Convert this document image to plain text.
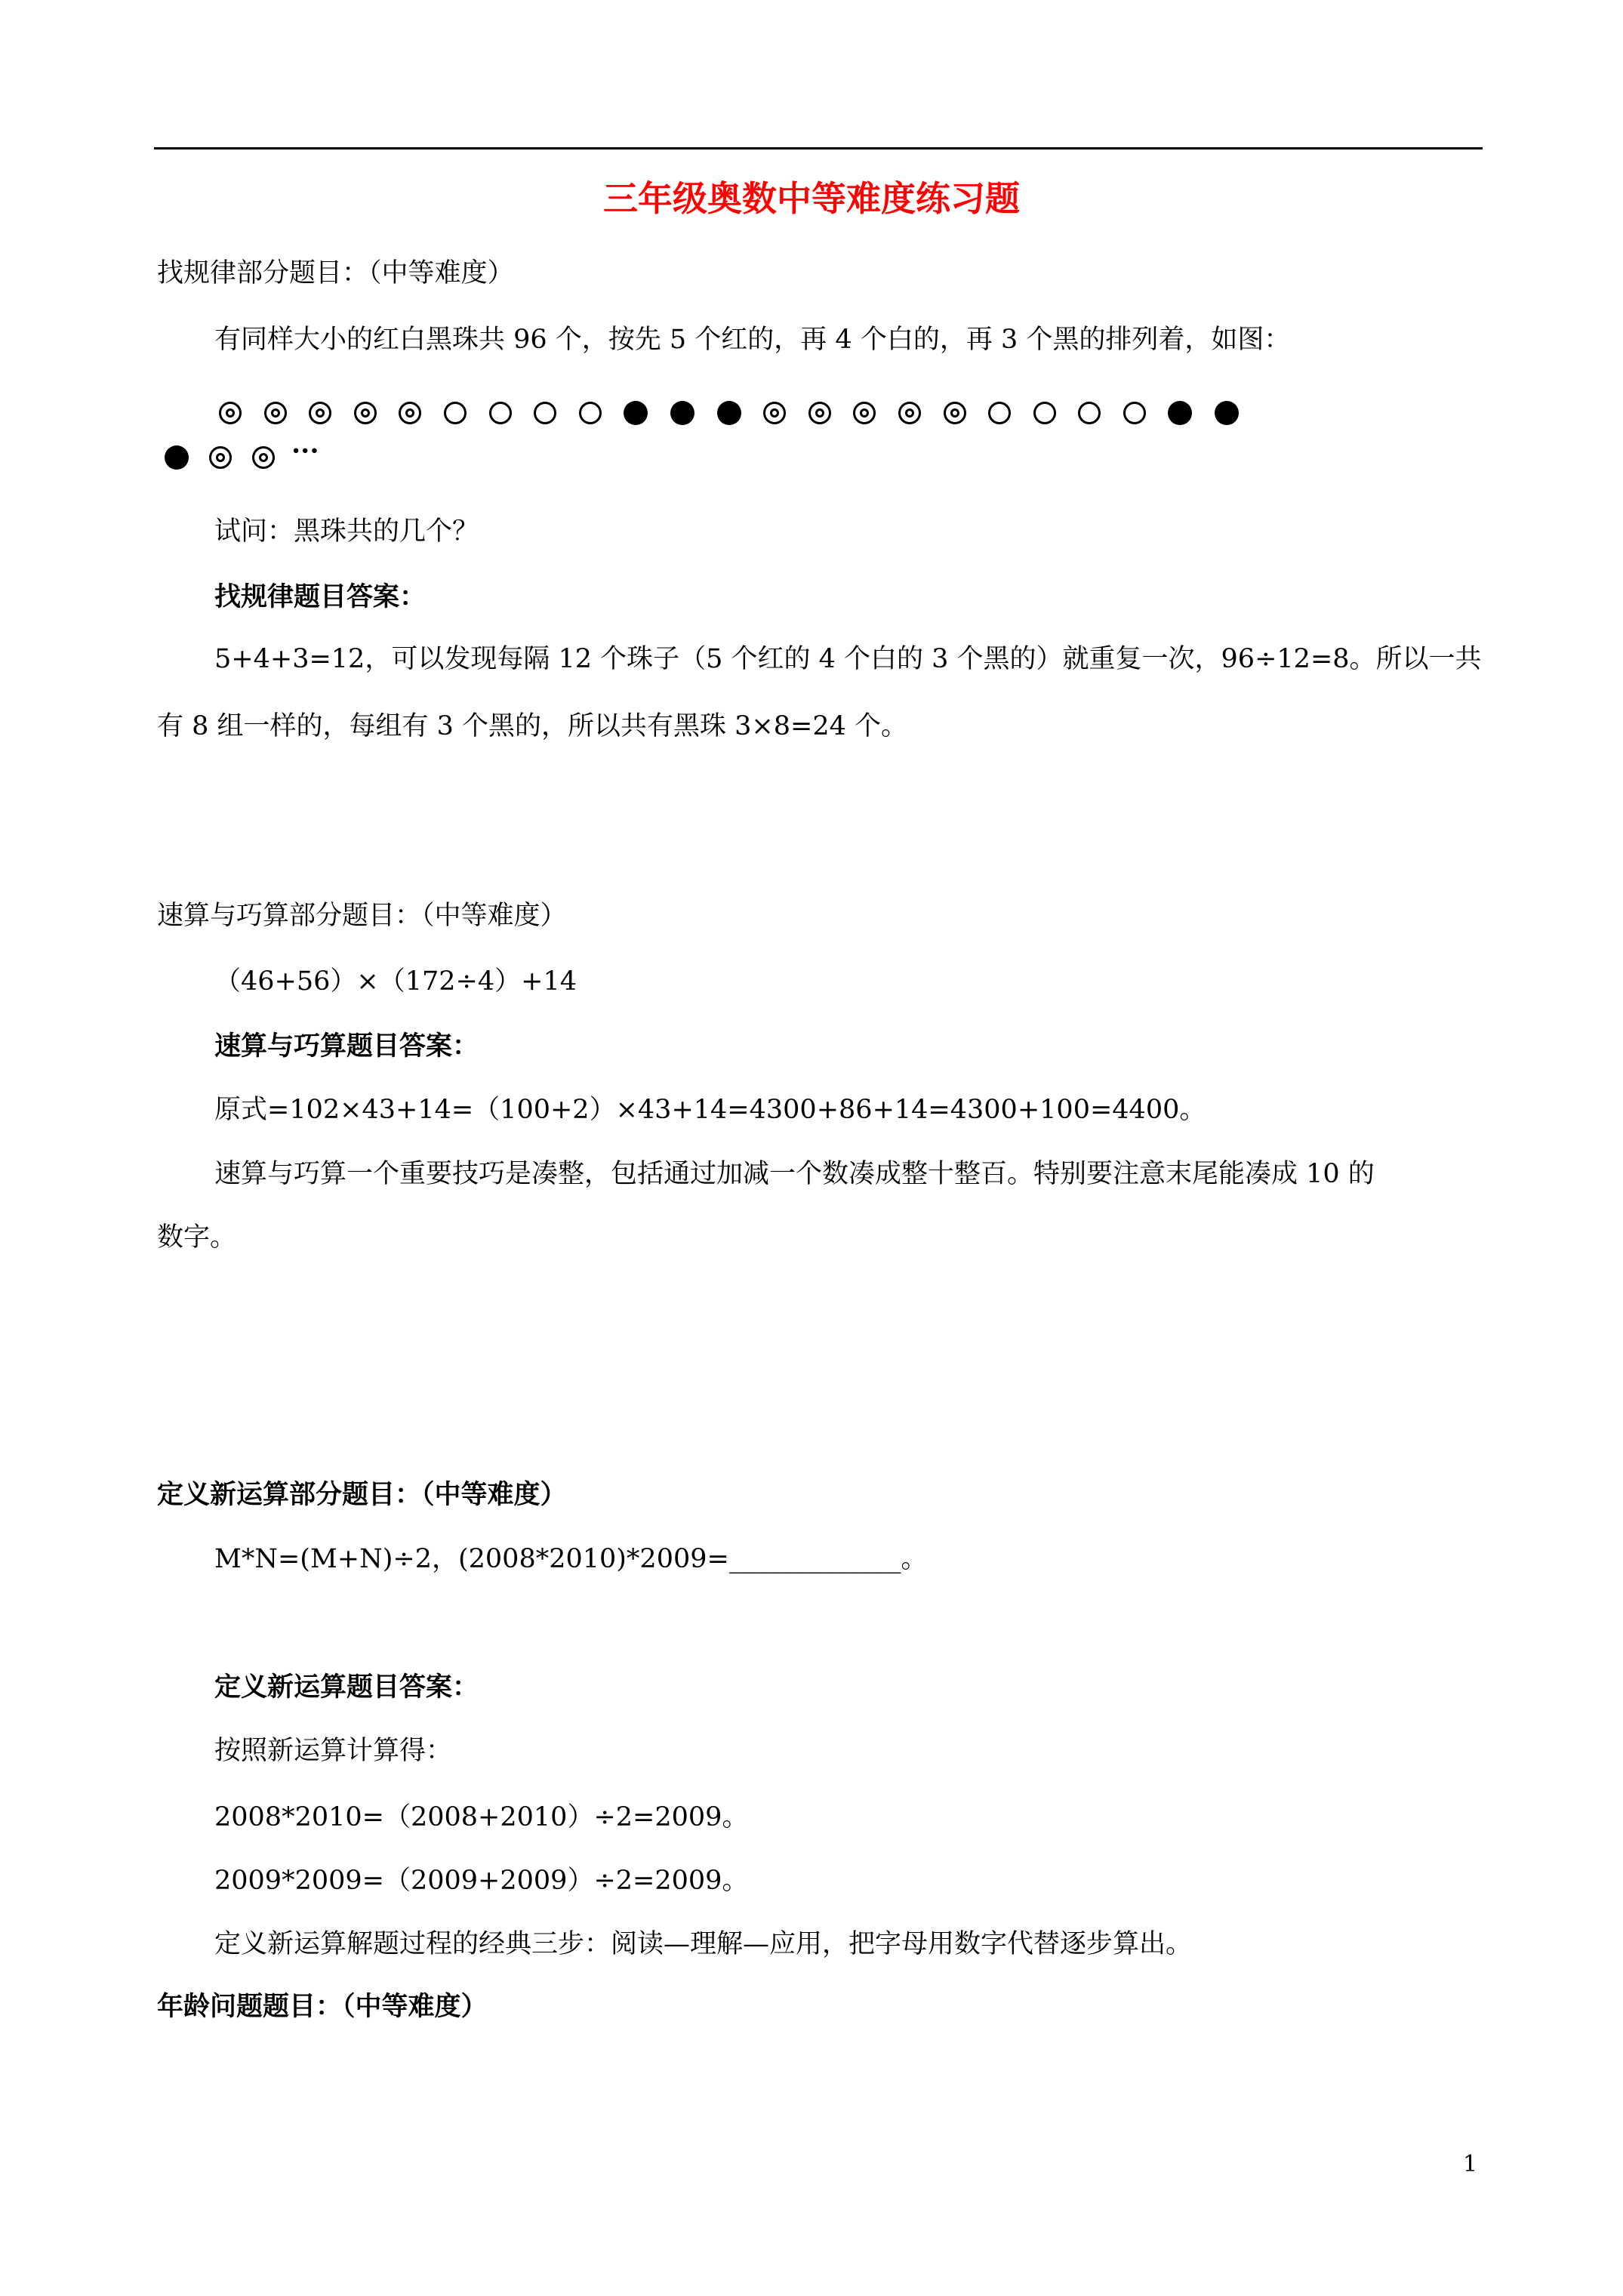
三年级奥数中等难度练习题
找规律部分题目：（中等难度）
有同样大小的红白黑珠共 96 个，按先 5 个红的，再 4 个白的，再 3 个黑的排列着，如图：
···
试问：黑珠共的几个？
找规律题目答案：
5+4+3=12，可以发现每隔 12 个珠子（5 个红的 4 个白的 3 个黑的）就重复一次，96÷12=8。所以一共
有 8 组一样的，每组有 3 个黑的，所以共有黑珠 3×8=24 个。
速算与巧算部分题目：（中等难度）
（46+56）×（172÷4）+14
速算与巧算题目答案：
原式=102×43+14=（100+2）×43+14=4300+86+14=4300+100=4400。
速算与巧算一个重要技巧是凑整，包括通过加减一个数凑成整十整百。特别要注意末尾能凑成 10 的
数字。
定义新运算部分题目：（中等难度）
M*N=(M+N)÷2，(2008*2010)*2009=_____________。
定义新运算题目答案：
按照新运算计算得：
2008*2010=（2008+2010）÷2=2009。
2009*2009=（2009+2009）÷2=2009。
定义新运算解题过程的经典三步：阅读—理解—应用，把字母用数字代替逐步算出。
年龄问题题目：（中等难度）
1
